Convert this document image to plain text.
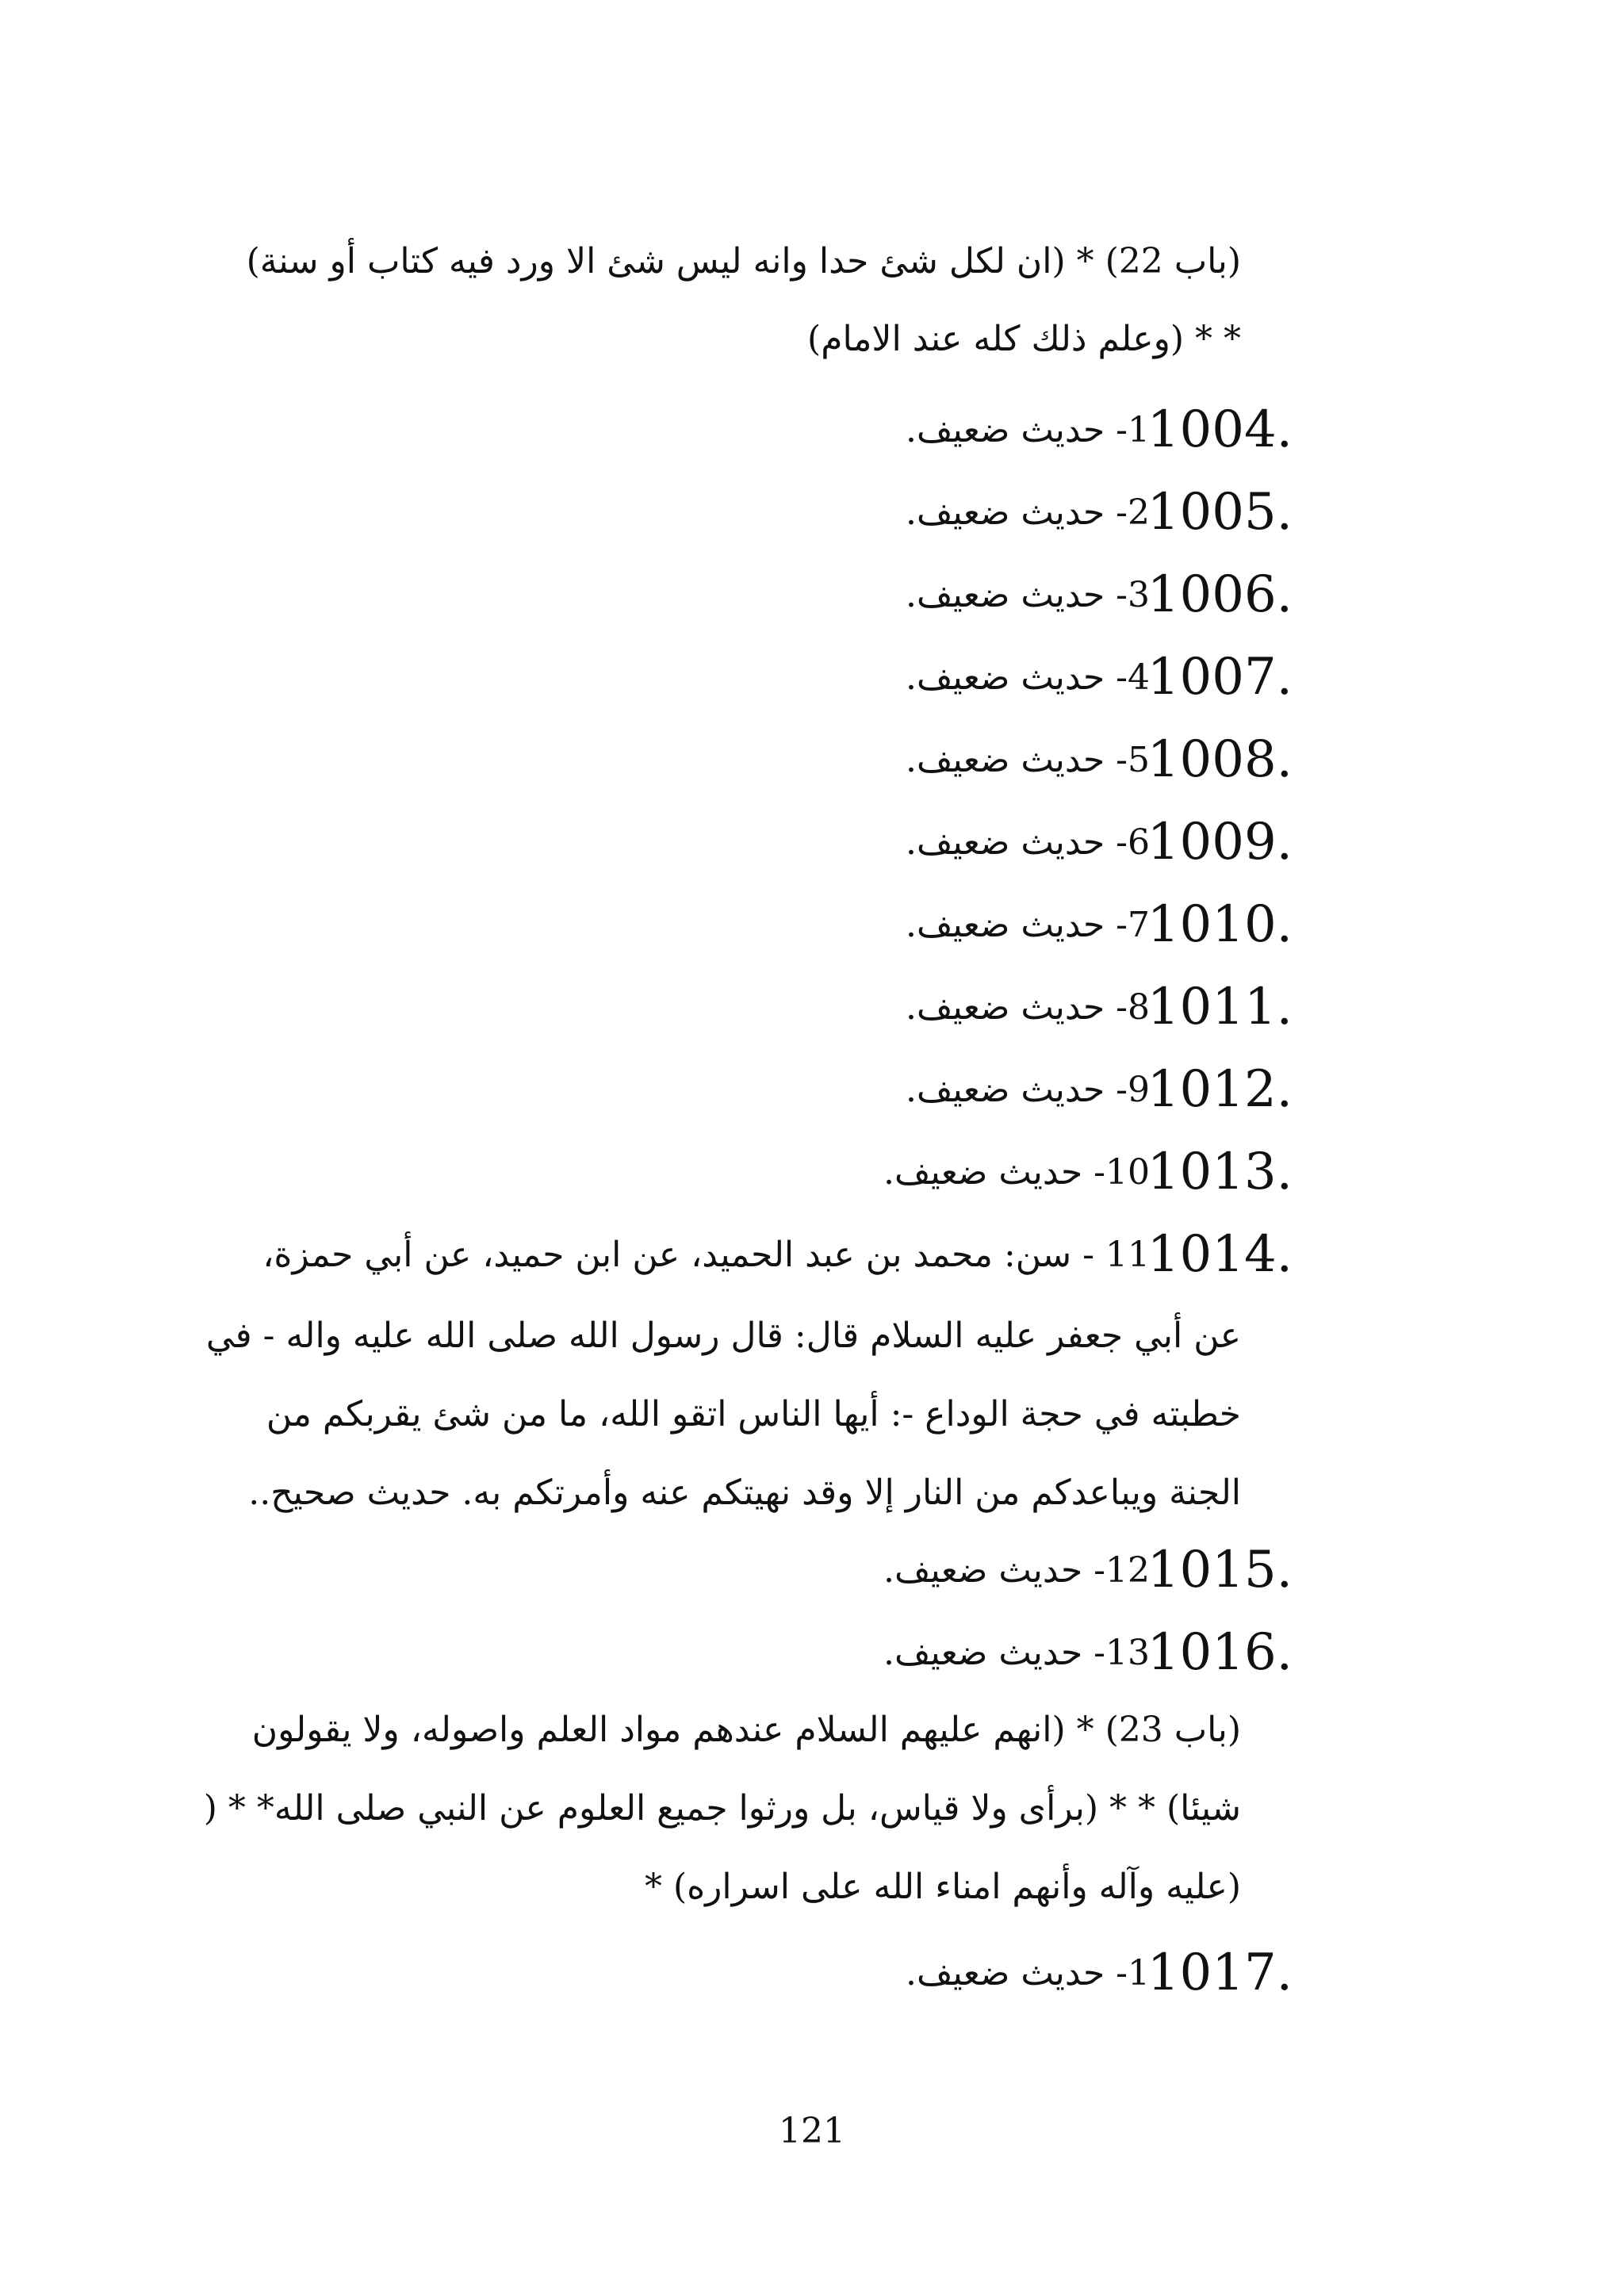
(باب 22) * (ان لكل شئ حدا وانه ليس شئ الا ورد فيه كتاب أو سنة)
* * (وعلم ذلك كله عند الامام)
1004.
1- حديث ضعيف.
1005.
2- حديث ضعيف.
1006.
3- حديث ضعيف.
1007.
4- حديث ضعيف.
1008.
5- حديث ضعيف.
1009.
6- حديث ضعيف.
1010.
7- حديث ضعيف.
1011.
8- حديث ضعيف.
1012.
9- حديث ضعيف.
1013.
10- حديث ضعيف.
1014.
11 - سن: محمد بن عبد الحميد، عن ابن حميد، عن أبي حمزة،
عن أبي جعفر عليه السلام قال: قال رسول الله صلى الله عليه واله - في
خطبته في حجة الوداع -: أيها الناس اتقو الله، ما من شئ يقربكم من
الجنة ويباعدكم من النار إلا وقد نهيتكم عنه وأمرتكم به. حديث صحيح..
1015.
12- حديث ضعيف.
1016.
13- حديث ضعيف.
(باب 23) * (انهم عليهم السلام عندهم مواد العلم واصوله، ولا يقولون
شيئا) * * (برأى ولا قياس، بل ورثوا جميع العلوم عن النبي صلى الله* * (
(عليه وآله وأنهم امناء الله على اسراره) *
1017.
1- حديث ضعيف.
121
